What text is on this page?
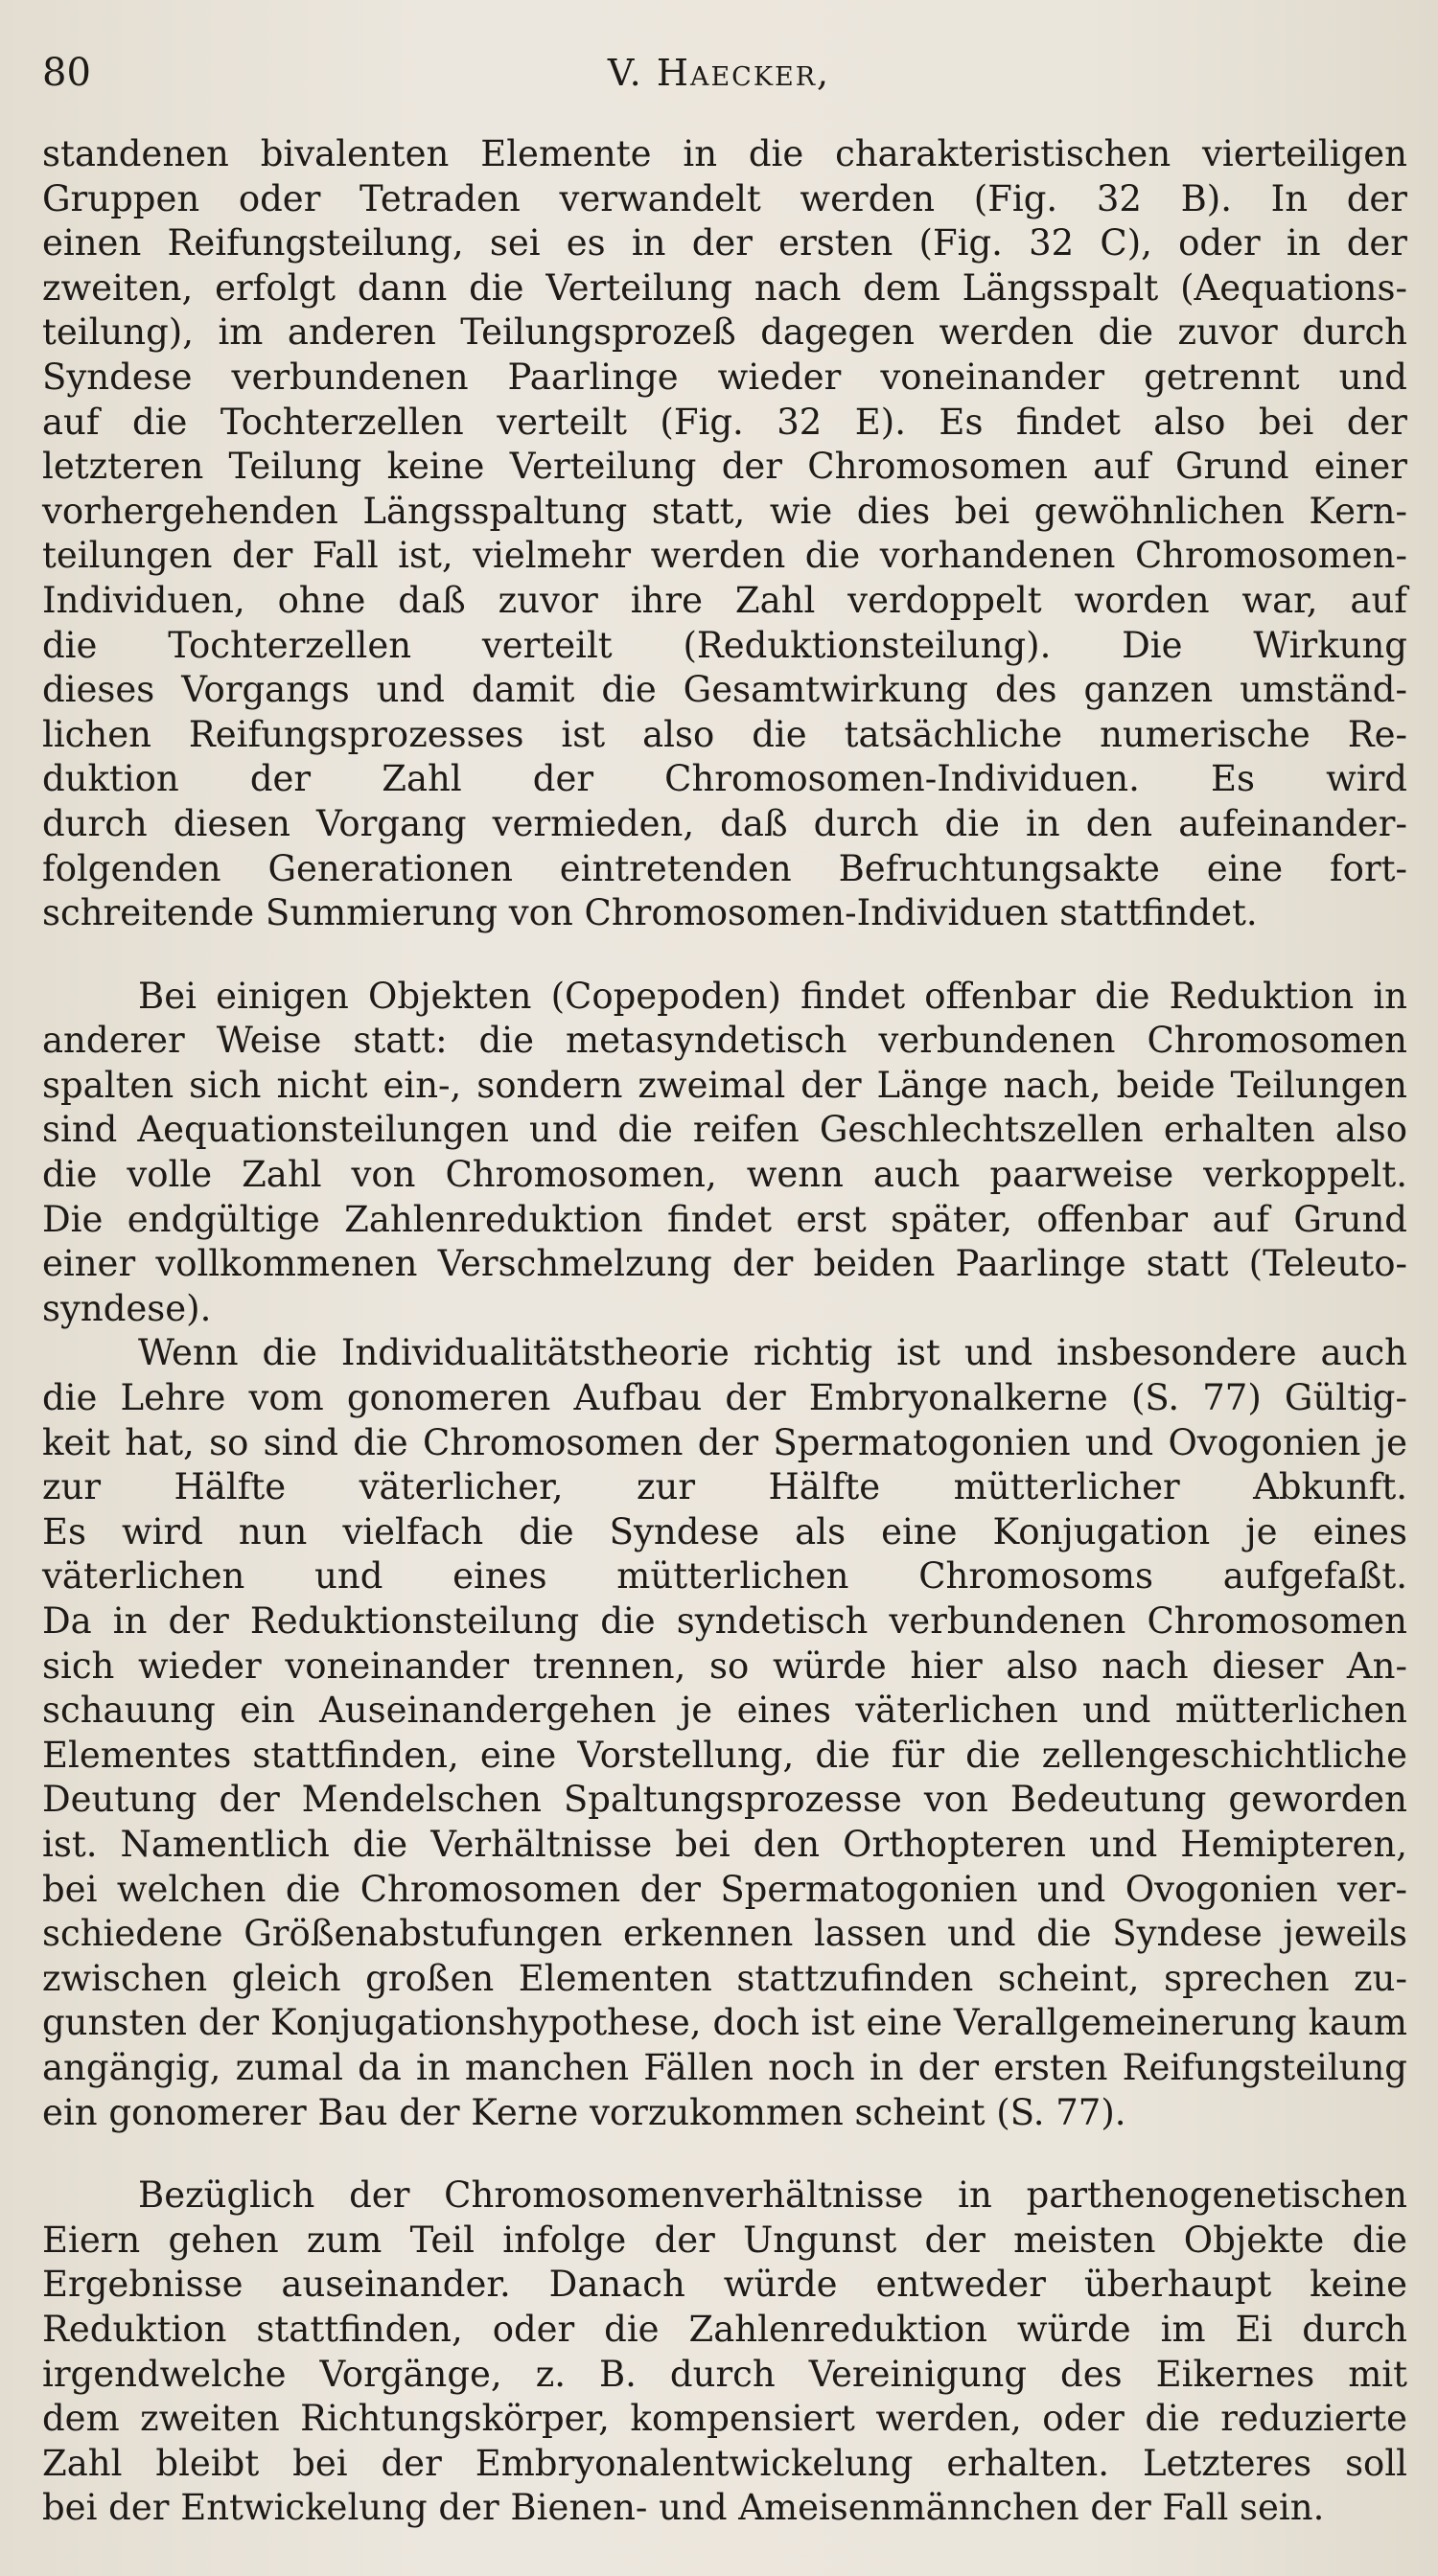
80	V. Haecker,

standenen bivalenten Elemente in die charakteristischen vierteiligen

Gruppen oder Tetraden verwandelt werden (Fig. 32 B). In der

einen Reifungsteilung, sei es in der ersten (Fig. 32 C), oder in der

zweiten, erfolgt dann die Verteilung nach dem Längsspalt (Aequations-

teilung), im anderen Teilungsprozeß dagegen werden die zuvor durch

Syndese verbundenen Paarlinge wieder voneinander getrennt und

auf die Tochterzellen verteilt (Fig. 32 E). Es findet also bei der

letzteren Teilung keine Verteilung der Chromosomen auf Grund einer

vorhergehenden Längsspaltung statt, wie dies bei gewöhnlichen Kern-

teilungen der Fall ist, vielmehr werden die vorhandenen Chromosomen-

Individuen, ohne daß zuvor ihre Zahl verdoppelt worden war, auf

die Tochterzellen verteilt (Reduktionsteilung). Die Wirkung

dieses Vorgangs und damit die Gesamtwirkung des ganzen umständ-

lichen Reifungsprozesses ist also die tatsächliche numerische Re-

duktion der Zahl der Chromosomen-Individuen. Es wird

durch diesen Vorgang vermieden, daß durch die in den aufeinander-

folgenden Generationen eintretenden Befruchtungsakte eine fort-

schreitende Summierung von Chromosomen-Individuen stattfindet.

Bei einigen Objekten (Copepoden) findet offenbar die Reduktion in

anderer Weise statt: die metasyndetisch verbundenen Chromosomen

spalten sich nicht ein-, sondern zweimal der Länge nach, beide Teilungen

sind Aequationsteilungen und die reifen Geschlechtszellen erhalten also

die volle Zahl von Chromosomen, wenn auch paarweise verkoppelt.

Die endgültige Zahlenreduktion findet erst später, offenbar auf Grund

einer vollkommenen Verschmelzung der beiden Paarlinge statt (Teleuto-

syndese).

Wenn die Individualitätstheorie richtig ist und insbesondere auch

die Lehre vom gonomeren Aufbau der Embryonalkerne (S. 77) Gültig-

keit hat, so sind die Chromosomen der Spermatogonien und Ovogonien je

zur Hälfte väterlicher, zur Hälfte mütterlicher Abkunft.

Es wird nun vielfach die Syndese als eine Konjugation je eines

väterlichen und eines mütterlichen Chromosoms aufgefaßt.

Da in der Reduktionsteilung die syndetisch verbundenen Chromosomen

sich wieder voneinander trennen, so würde hier also nach dieser An-

schauung ein Auseinandergehen je eines väterlichen und mütterlichen

Elementes stattfinden, eine Vorstellung, die für die zellengeschichtliche

Deutung der Mendelschen Spaltungsprozesse von Bedeutung geworden

ist. Namentlich die Verhältnisse bei den Orthopteren und Hemipteren,

bei welchen die Chromosomen der Spermatogonien und Ovogonien ver-

schiedene Größenabstufungen erkennen lassen und die Syndese jeweils

zwischen gleich großen Elementen stattzufinden scheint, sprechen zu-

gunsten der Konjugationshypothese, doch ist eine Verallgemeinerung kaum

angängig, zumal da in manchen Fällen noch in der ersten Reifungsteilung

ein gonomerer Bau der Kerne vorzukommen scheint (S. 77).

Bezüglich der Chromosomenverhältnisse in parthenogenetischen

Eiern gehen zum Teil infolge der Ungunst der meisten Objekte die

Ergebnisse auseinander. Danach würde entweder überhaupt keine

Reduktion stattfinden, oder die Zahlenreduktion würde im Ei durch

irgendwelche Vorgänge, z. B. durch Vereinigung des Eikernes mit

dem zweiten Richtungskörper, kompensiert werden, oder die reduzierte

Zahl bleibt bei der Embryonalentwickelung erhalten. Letzteres soll

bei der Entwickelung der Bienen- und Ameisenmännchen der Fall sein.
